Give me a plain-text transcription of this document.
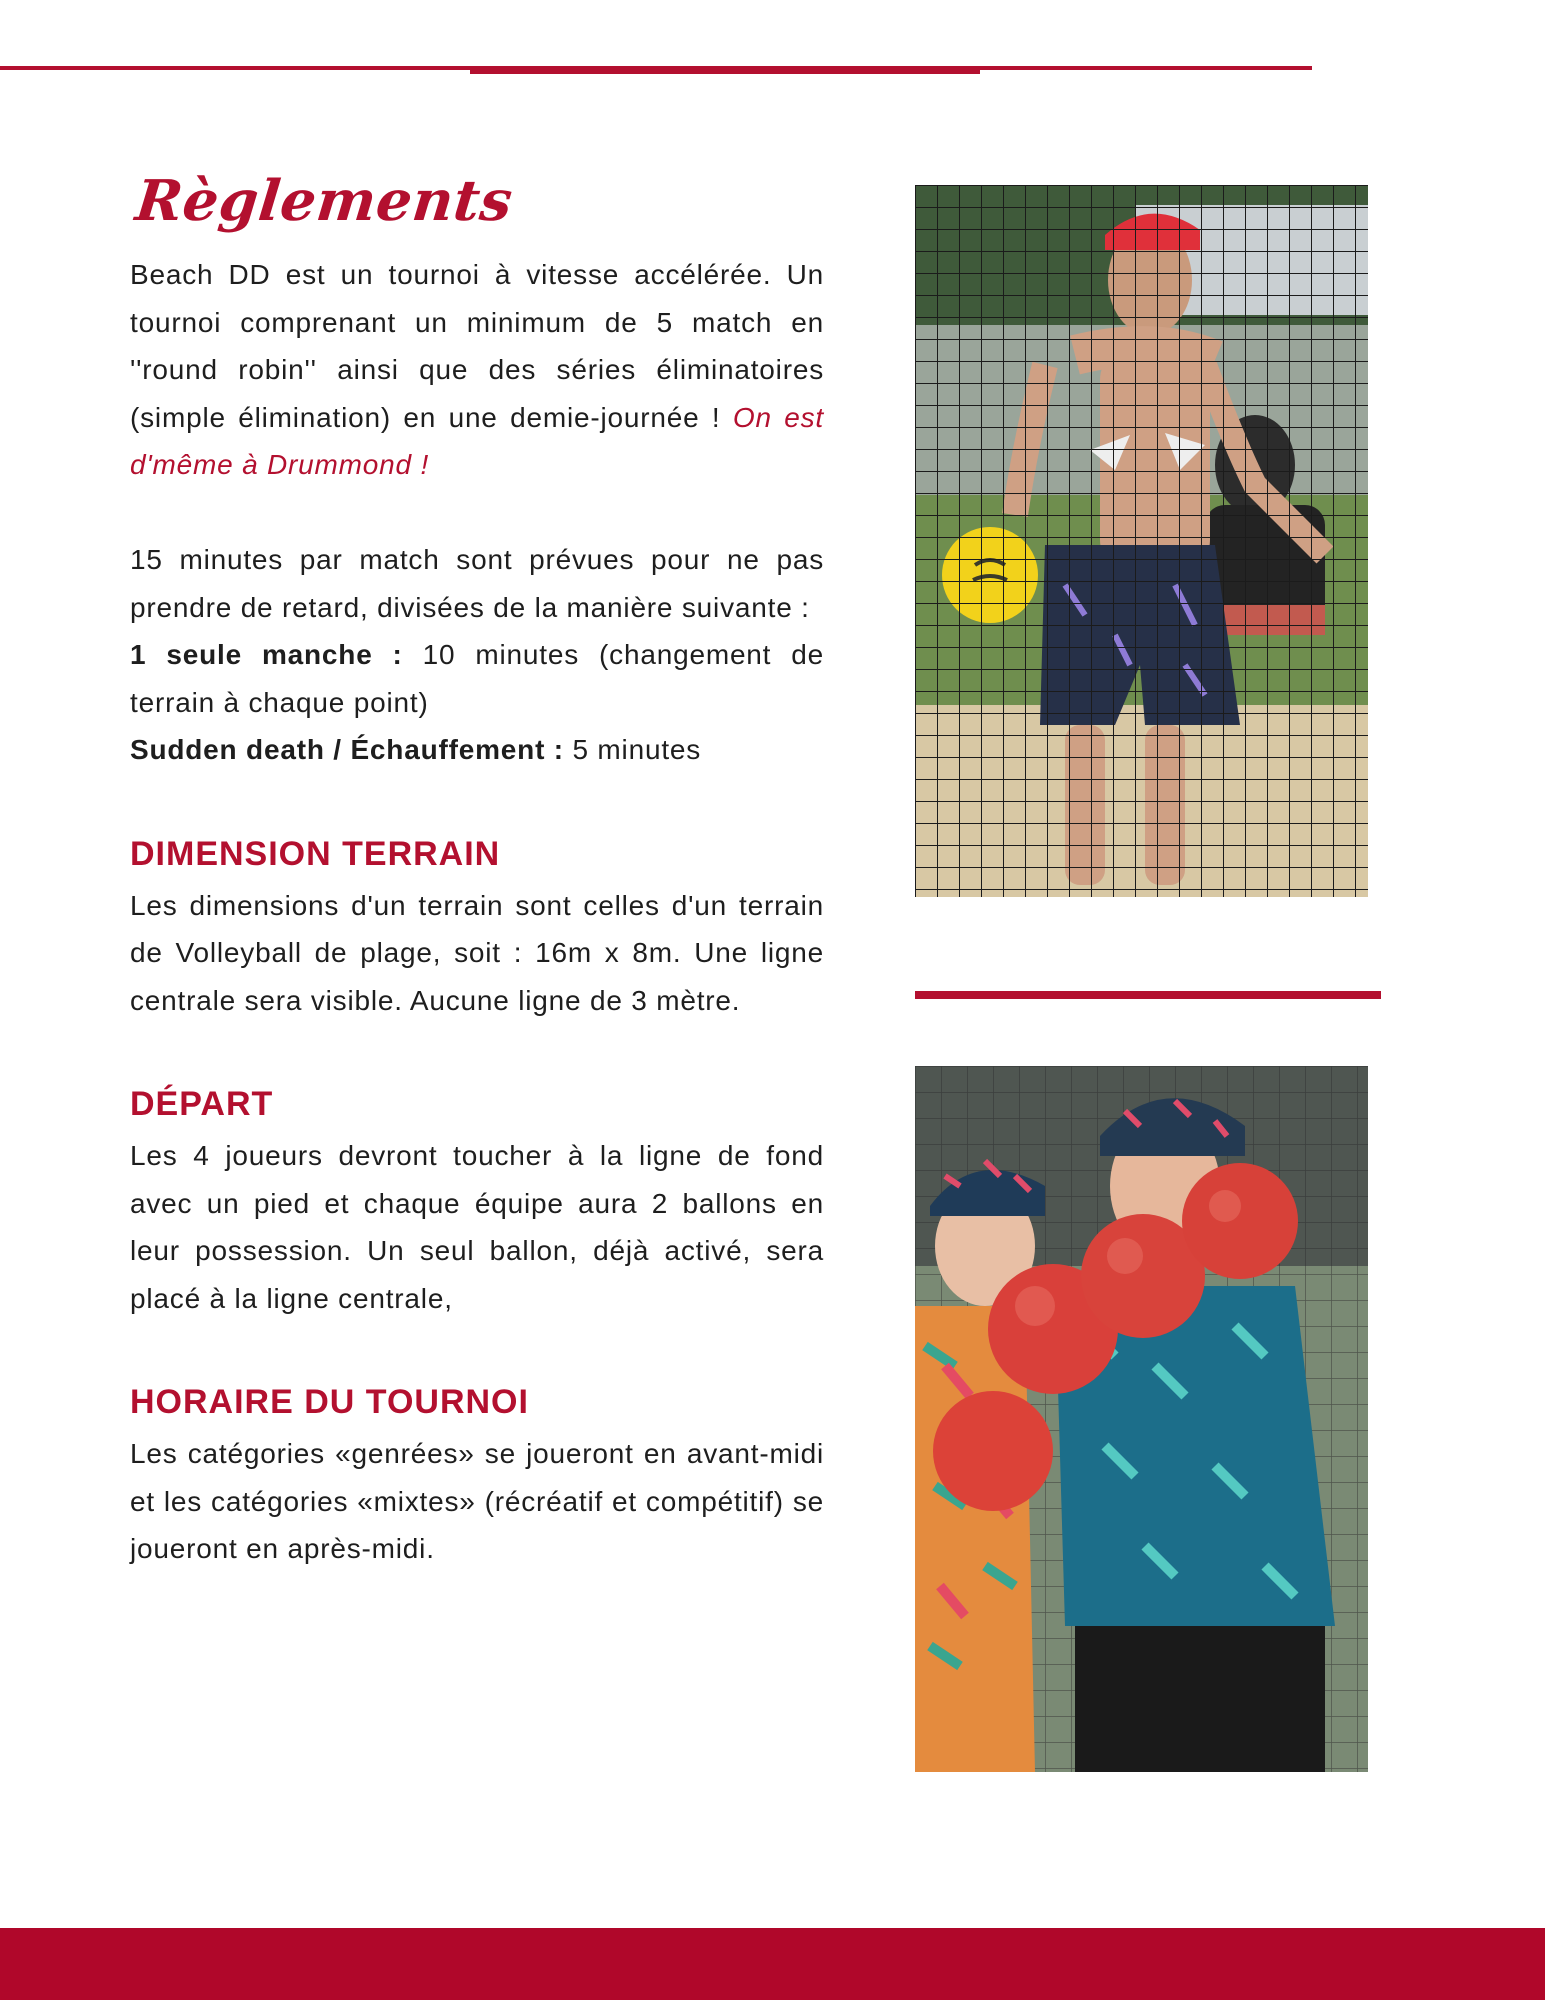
Règlements

Beach DD est un tournoi à vitesse accélérée. Un tournoi comprenant un minimum de 5 match en ''round robin'' ainsi que des séries éliminatoires (simple élimination) en une demie-journée ! On est d'même à Drummond !

15 minutes par match sont prévues pour ne pas prendre de retard, divisées de la manière suivante :

1 seule manche : 10 minutes (changement de terrain à chaque point)

Sudden death / Échauffement : 5 minutes

DIMENSION TERRAIN

Les dimensions d'un terrain sont celles d'un terrain de Volleyball de plage, soit : 16m x 8m. Une ligne centrale sera visible. Aucune ligne de 3 mètre.

DÉPART

Les 4 joueurs devront toucher à la ligne de fond avec un pied et chaque équipe aura 2 ballons en leur possession. Un seul ballon, déjà activé, sera placé à la ligne centrale,

HORAIRE DU TOURNOI

Les catégories «genrées» se joueront en avant-midi et les catégories «mixtes» (récréatif et compétitif) se joueront en après-midi.
